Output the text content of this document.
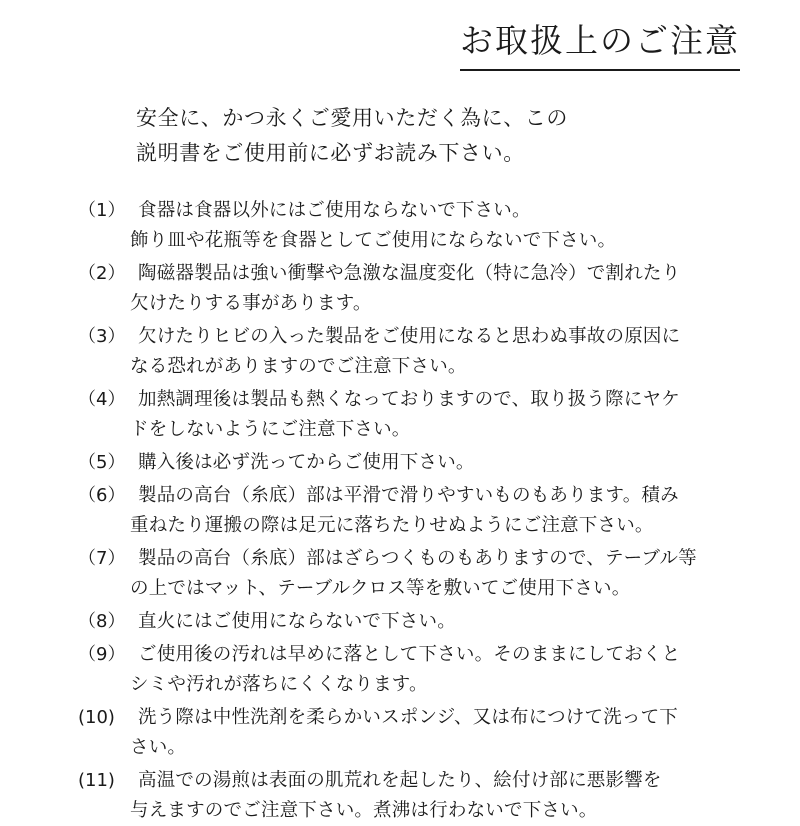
お取扱上のご注意
安全に、かつ永くご愛用いただく為に、この
説明書をご使用前に必ずお読み下さい。
（1） 食器は食器以外にはご使用ならないで下さい。
飾り皿や花瓶等を食器としてご使用にならないで下さい。
（2） 陶磁器製品は強い衝撃や急激な温度変化（特に急冷）で割れたり
欠けたりする事があります。
（3） 欠けたりヒビの入った製品をご使用になると思わぬ事故の原因に
なる恐れがありますのでご注意下さい。
（4） 加熱調理後は製品も熱くなっておりますので、取り扱う際にヤケ
ドをしないようにご注意下さい。
（5） 購入後は必ず洗ってからご使用下さい。
（6） 製品の高台（糸底）部は平滑で滑りやすいものもあります。積み
重ねたり運搬の際は足元に落ちたりせぬようにご注意下さい。
（7） 製品の高台（糸底）部はざらつくものもありますので、テーブル等
の上ではマット、テーブルクロス等を敷いてご使用下さい。
（8） 直火にはご使用にならないで下さい。
（9） ご使用後の汚れは早めに落として下さい。そのままにしておくと
シミや汚れが落ちにくくなります。
(10)	洗う際は中性洗剤を柔らかいスポンジ、又は布につけて洗って下
さい。
(11)	高温での湯煎は表面の肌荒れを起したり、絵付け部に悪影響を
与えますのでご注意下さい。煮沸は行わないで下さい。
